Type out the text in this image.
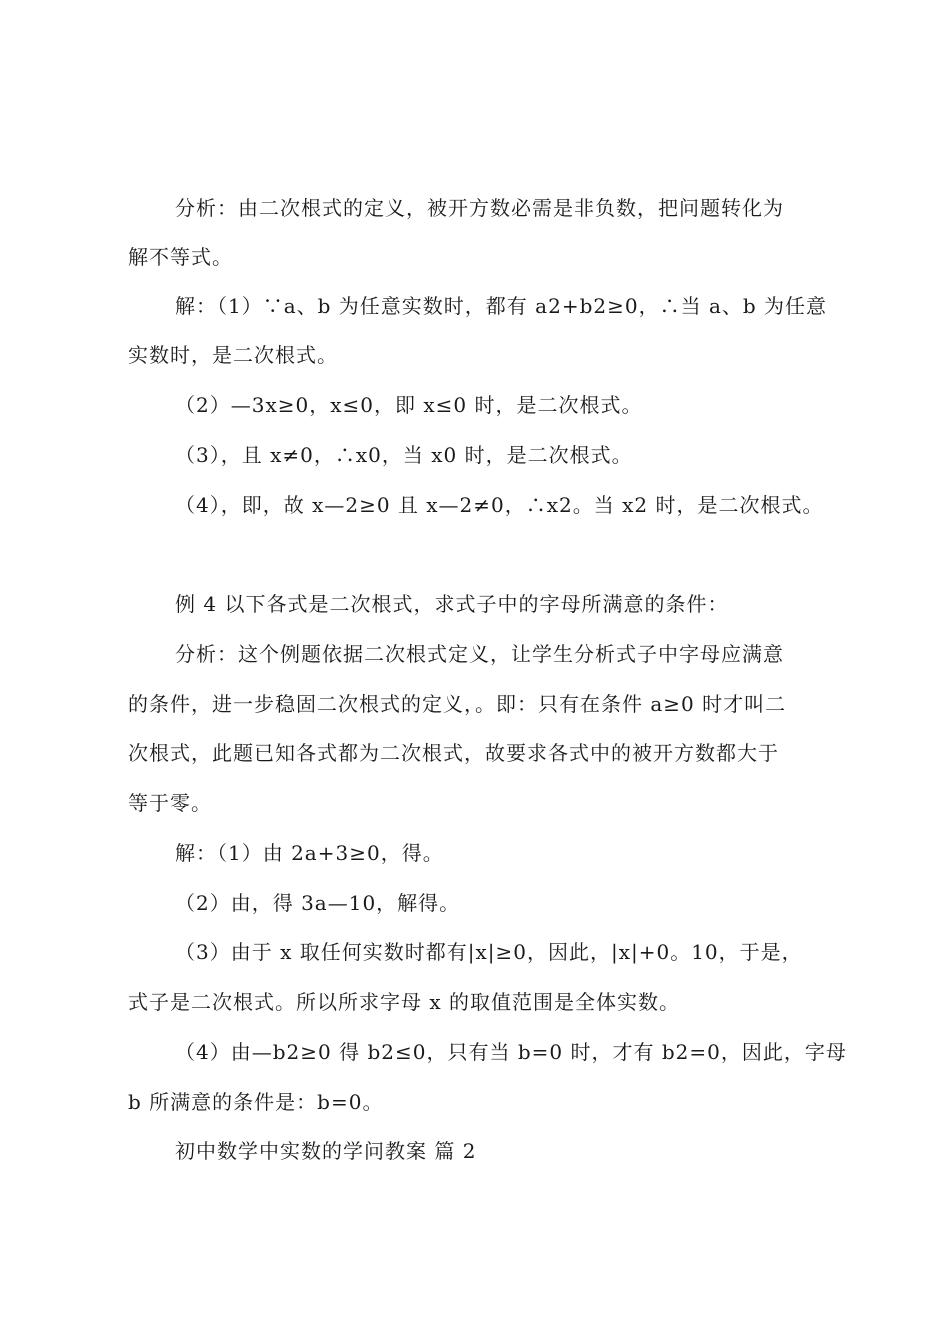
分析：由二次根式的定义，被开方数必需是非负数，把问题转化为
解不等式。
解：（1）∵a、b 为任意实数时，都有 a2+b2≥0，∴当 a、b 为任意
实数时，是二次根式。
（2）—3x≥0，x≤0，即 x≤0 时，是二次根式。
（3），且 x≠0，∴x0，当 x0 时，是二次根式。
（4），即，故 x—2≥0 且 x—2≠0，∴x2。当 x2 时，是二次根式。
例 4 以下各式是二次根式，求式子中的字母所满意的条件：
分析：这个例题依据二次根式定义，让学生分析式子中字母应满意
的条件，进一步稳固二次根式的定义，。即：只有在条件 a≥0 时才叫二
次根式，此题已知各式都为二次根式，故要求各式中的被开方数都大于
等于零。
解：（1）由 2a+3≥0，得。
（2）由，得 3a—10，解得。
（3）由于 x 取任何实数时都有|x|≥0，因此，|x|+0。10，于是，
式子是二次根式。所以所求字母 x 的取值范围是全体实数。
（4）由—b2≥0 得 b2≤0，只有当 b=0 时，才有 b2=0，因此，字母
b 所满意的条件是：b=0。
初中数学中实数的学问教案 篇 2
